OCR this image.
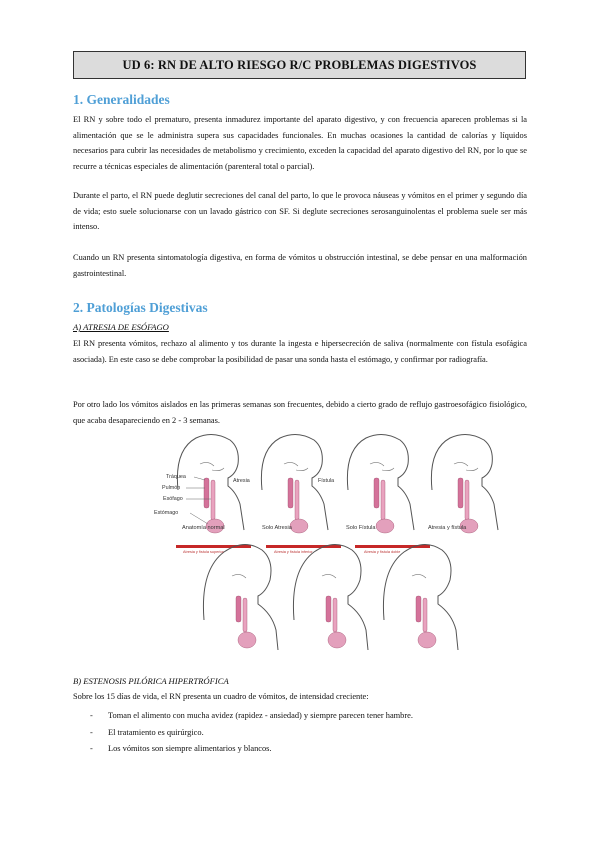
UD 6: RN DE ALTO RIESGO R/C PROBLEMAS DIGESTIVOS
1. Generalidades
El RN y sobre todo el prematuro, presenta inmadurez importante del aparato digestivo, y con frecuencia aparecen problemas si la alimentación que se le administra supera sus capacidades funcionales. En muchas ocasiones la cantidad de calorías y líquidos necesarios para cubrir las necesidades de metabolismo y crecimiento, exceden la capacidad del aparato digestivo del RN, por lo que se recurre a técnicas especiales de alimentación (parenteral total o parcial).
Durante el parto, el RN puede deglutir secreciones del canal del parto, lo que le provoca náuseas y vómitos en el primer y segundo día de vida; esto suele solucionarse con un lavado gástrico con SF. Si deglute secreciones serosanguinolentas el problema suele ser más intenso.
Cuando un RN presenta sintomatología digestiva, en forma de vómitos u obstrucción intestinal, se debe pensar en una malformación gastrointestinal.
2. Patologías Digestivas
A) ATRESIA DE ESÓFAGO
El RN presenta vómitos, rechazo al alimento y tos durante la ingesta e hipersecreción de saliva (normalmente con fístula esofágica asociada). En este caso se debe comprobar la posibilidad de pasar una sonda hasta el estómago, y confirmar por radiografía.
Por otro lado los vómitos aislados en las primeras semanas son frecuentes, debido a cierto grado de reflujo gastroesofágico fisiológico, que acaba desapareciendo en 2 - 3 semanas.
Tráquea
Pulmón
Esófago
Estómago
Atresia	Fístula
Anatomía normal	Solo Atresia	Solo Fístula	Atresia y fístula
Atresia y fístula superior	Atresia y fístula inferior	Atresia y fístula doble
B) ESTENOSIS PILÓRICA HIPERTRÓFICA
Sobre los 15 días de vida, el RN presenta un cuadro de vómitos, de intensidad creciente:
- Toman el alimento con mucha avidez (rapidez - ansiedad) y siempre parecen tener hambre.
- El tratamiento es quirúrgico.
- Los vómitos son siempre alimentarios y blancos.
